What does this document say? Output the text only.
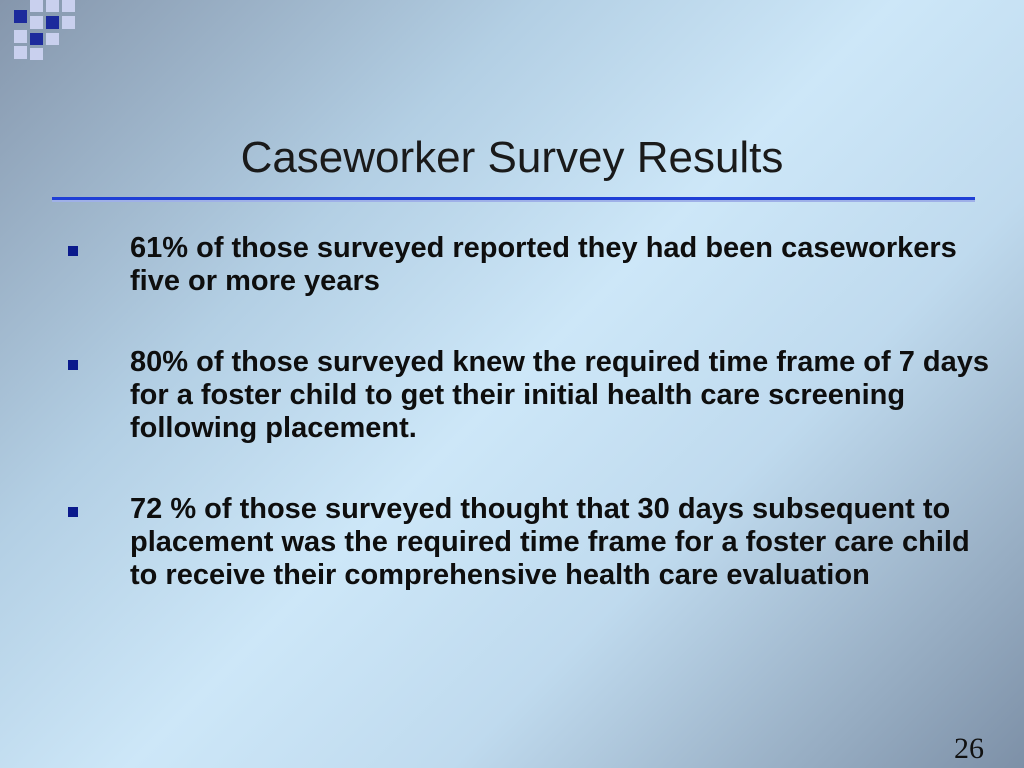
Caseworker Survey Results
61% of those surveyed reported they had been caseworkers five or more years
80% of those surveyed knew the required time frame of 7 days for a foster child to get their initial health care screening following placement.
72 % of those surveyed thought that 30 days subsequent to placement was the required time frame for a foster care child to receive their comprehensive health care evaluation
26
